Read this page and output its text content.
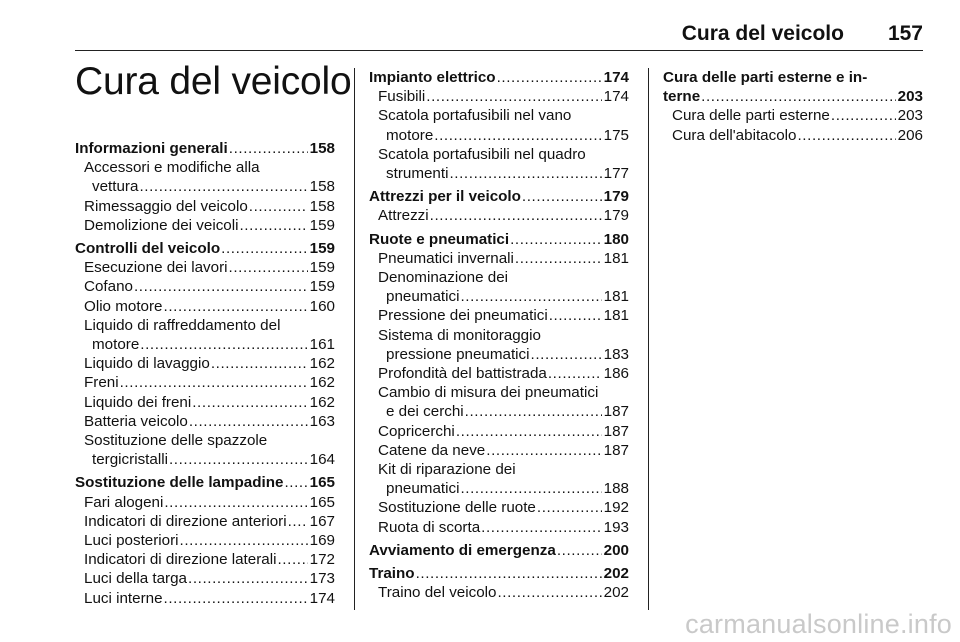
Cura del veicolo 157
Cura del veicolo
Informazioni generali .....	158
Accessori e modifiche alla
vettura .....	158
Rimessaggio del veicolo .....	158
Demolizione dei veicoli .....	159
Controlli del veicolo .....	159
Esecuzione dei lavori .....	159
Cofano .....	159
Olio motore .....	160
Liquido di raffreddamento del
motore .....	161
Liquido di lavaggio .....	162
Freni .....	162
Liquido dei freni .....	162
Batteria veicolo .....	163
Sostituzione delle spazzole
tergicristalli .....	164
Sostituzione delle lampadine ..... 165
Fari alogeni .....	165
Indicatori di direzione anteriori ..... 167
Luci posteriori .....	169
Indicatori di direzione laterali ..... 172
Luci della targa .....	173
Luci interne .....	174
Impianto elettrico .....	174
Fusibili .....	174
Scatola portafusibili nel vano
motore .....	175
Scatola portafusibili nel quadro
strumenti .....	177
Attrezzi per il veicolo .....	179
Attrezzi .....	179
Ruote e pneumatici .....	180
Pneumatici invernali .....	181
Denominazione dei
pneumatici .....	181
Pressione dei pneumatici .....	181
Sistema di monitoraggio
pressione pneumatici .....	183
Profondità del battistrada .....	186
Cambio di misura dei pneumatici
e dei cerchi .....	187
Copricerchi .....	187
Catene da neve .....	187
Kit di riparazione dei
pneumatici .....	188
Sostituzione delle ruote .....	192
Ruota di scorta .....	193
Avviamento di emergenza .....	200
Traino .....	202
Traino del veicolo .....	202
Cura delle parti esterne e in-
terne .....	203
Cura delle parti esterne .....	203
Cura dell'abitacolo .....	206
carmanualsonline.info
